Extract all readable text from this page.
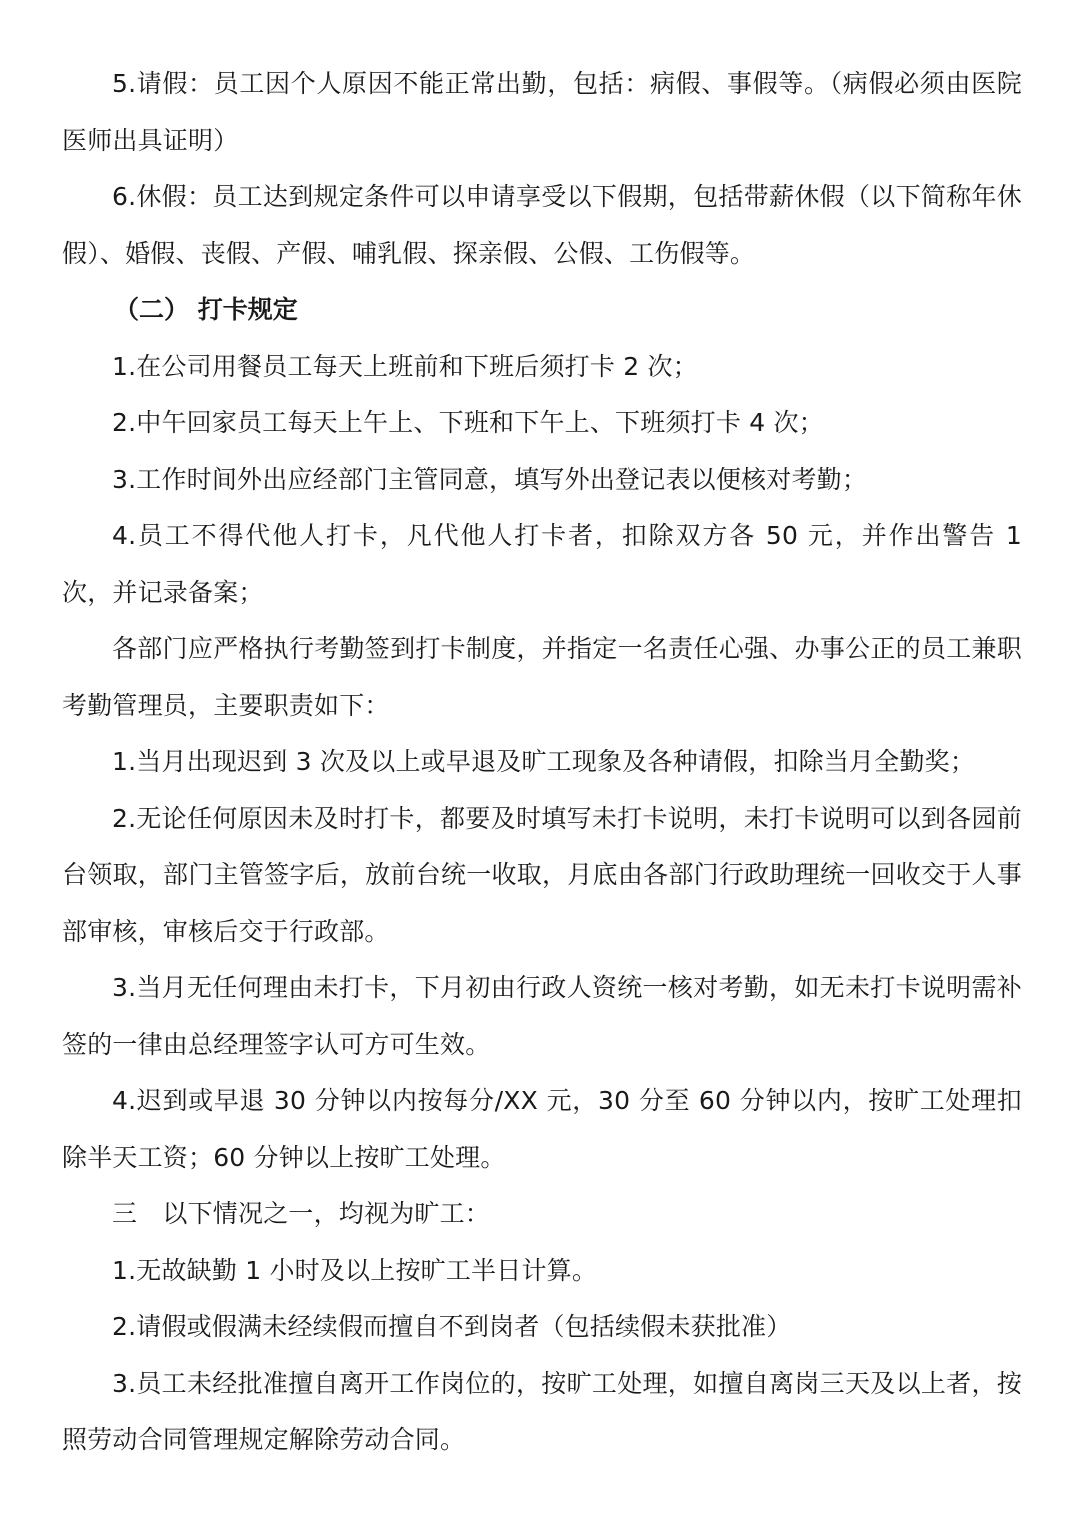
5.请假：员工因个人原因不能正常出勤，包括：病假、事假等。（病假必须由医院医师出具证明）

6.休假：员工达到规定条件可以申请享受以下假期，包括带薪休假（以下简称年休假）、婚假、丧假、产假、哺乳假、探亲假、公假、工伤假等。

（二） 打卡规定

1.在公司用餐员工每天上班前和下班后须打卡 2 次；

2.中午回家员工每天上午上、下班和下午上、下班须打卡 4 次；

3.工作时间外出应经部门主管同意，填写外出登记表以便核对考勤；

4.员工不得代他人打卡，凡代他人打卡者，扣除双方各 50 元，并作出警告 1 次，并记录备案；

各部门应严格执行考勤签到打卡制度，并指定一名责任心强、办事公正的员工兼职考勤管理员，主要职责如下：

1.当月出现迟到 3 次及以上或早退及旷工现象及各种请假，扣除当月全勤奖；

2.无论任何原因未及时打卡，都要及时填写未打卡说明，未打卡说明可以到各园前台领取，部门主管签字后，放前台统一收取，月底由各部门行政助理统一回收交于人事部审核，审核后交于行政部。

3.当月无任何理由未打卡，下月初由行政人资统一核对考勤，如无未打卡说明需补签的一律由总经理签字认可方可生效。

4.迟到或早退 30 分钟以内按每分/XX 元，30 分至 60 分钟以内，按旷工处理扣除半天工资；60 分钟以上按旷工处理。

三　以下情况之一，均视为旷工：

1.无故缺勤 1 小时及以上按旷工半日计算。

2.请假或假满未经续假而擅自不到岗者（包括续假未获批准）

3.员工未经批准擅自离开工作岗位的，按旷工处理，如擅自离岗三天及以上者，按照劳动合同管理规定解除劳动合同。
